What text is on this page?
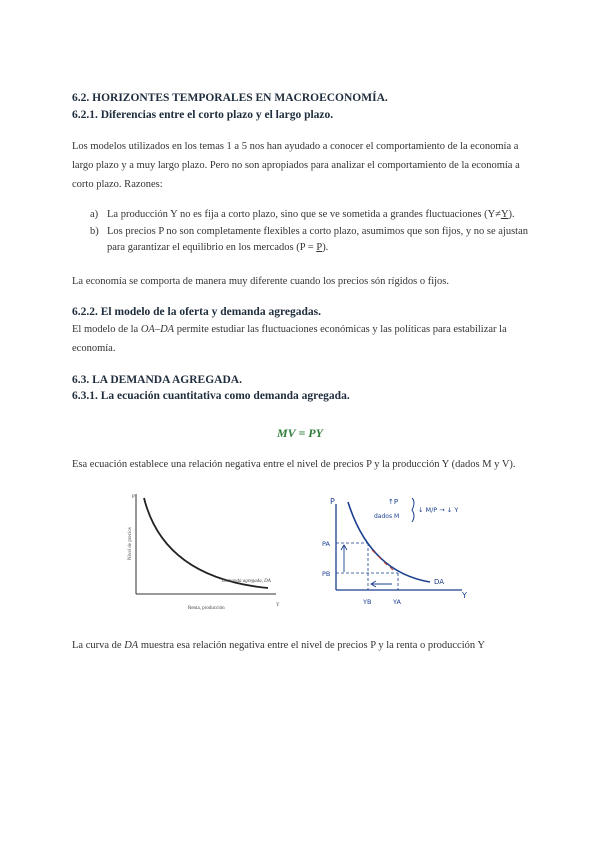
6.2. HORIZONTES TEMPORALES EN MACROECONOMÍA.
6.2.1. Diferencias entre el corto plazo y el largo plazo.
Los modelos utilizados en los temas 1 a 5 nos han ayudado a conocer el comportamiento de la economía a largo plazo y a muy largo plazo. Pero no son apropiados para analizar el comportamiento de la economía a corto plazo. Razones:
a) La producción Y no es fija a corto plazo, sino que se ve sometida a grandes fluctuaciones (Y≠Y).
b) Los precios P no son completamente flexibles a corto plazo, asumimos que son fijos, y no se ajustan para garantizar el equilibrio en los mercados (P = P).
La economía se comporta de manera muy diferente cuando los precios són rígidos o fijos.
6.2.2. El modelo de la oferta y demanda agregadas.
El modelo de la OA–DA permite estudiar las fluctuaciones económicas y las políticas para estabilizar la economía.
6.3. LA DEMANDA AGREGADA.
6.3.1. La ecuación cuantitativa como demanda agregada.
MV = PY
Esa ecuación establece una relación negativa entre el nivel de precios P y la producción Y (dados M y V).
P
Y
Nivel de precios
Renta, producción
Demanda agregada, DA
P
Y
PA
PB
YB	YA
DA
↑P
dados M
↓ M/P → ↓ Y
La curva de DA muestra esa relación negativa entre el nivel de precios P y la renta o producción Y
